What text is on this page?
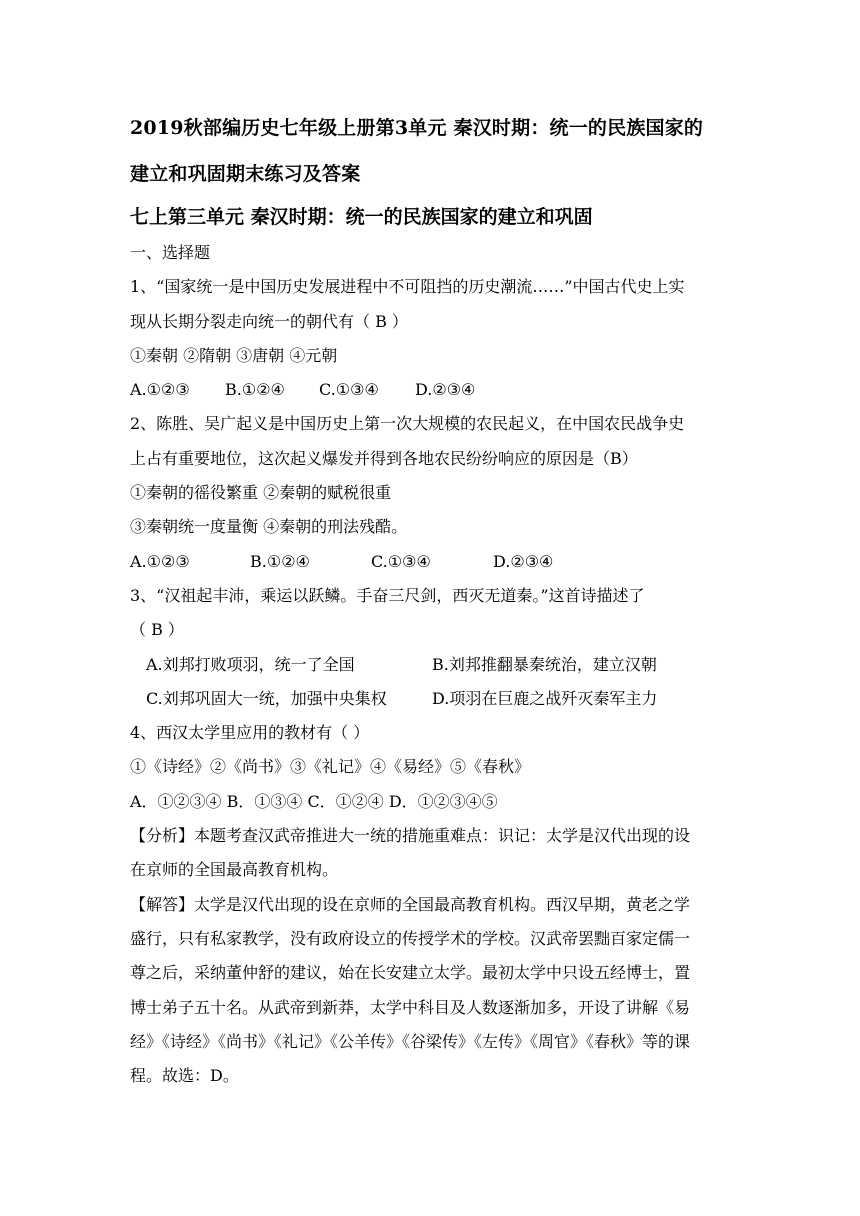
2019秋部编历史七年级上册第3单元 秦汉时期：统一的民族国家的

建立和巩固期末练习及答案

七上第三单元 秦汉时期：统一的民族国家的建立和巩固

一、选择题
1、“国家统一是中国历史发展进程中不可阻挡的历史潮流……”中国古代史上实
现从长期分裂走向统一的朝代有（ B ）
①秦朝 ②隋朝 ③唐朝 ④元朝
A.①②③	B.①②④	C.①③④	D.②③④
2、陈胜、吴广起义是中国历史上第一次大规模的农民起义，在中国农民战争史
上占有重要地位，这次起义爆发并得到各地农民纷纷响应的原因是（B）
①秦朝的徭役繁重 ②秦朝的赋税很重
③秦朝统一度量衡 ④秦朝的刑法残酷。
A.①②③	B.①②④	C.①③④	D.②③④
3、“汉祖起丰沛，乘运以跃鳞。手奋三尺剑，西灭无道秦。”这首诗描述了
（ B ）
A.刘邦打败项羽，统一了全国	B.刘邦推翻暴秦统治，建立汉朝
C.刘邦巩固大一统，加强中央集权	D.项羽在巨鹿之战歼灭秦军主力
4、西汉太学里应用的教材有（ ）
①《诗经》②《尚书》③《礼记》④《易经》⑤《春秋》
A．①②③④ B．①③④ C．①②④ D．①②③④⑤
【分析】本题考查汉武帝推进大一统的措施重难点：识记：太学是汉代出现的设
在京师的全国最高教育机构。
【解答】太学是汉代出现的设在京师的全国最高教育机构。西汉早期，黄老之学
盛行，只有私家教学，没有政府设立的传授学术的学校。汉武帝罢黜百家定儒一
尊之后，采纳董仲舒的建议，始在长安建立太学。最初太学中只设五经博士，置
博士弟子五十名。从武帝到新莽，太学中科目及人数逐渐加多，开设了讲解《易
经》《诗经》《尚书》《礼记》《公羊传》《谷梁传》《左传》《周官》《春秋》等的课
程。故选：D。
